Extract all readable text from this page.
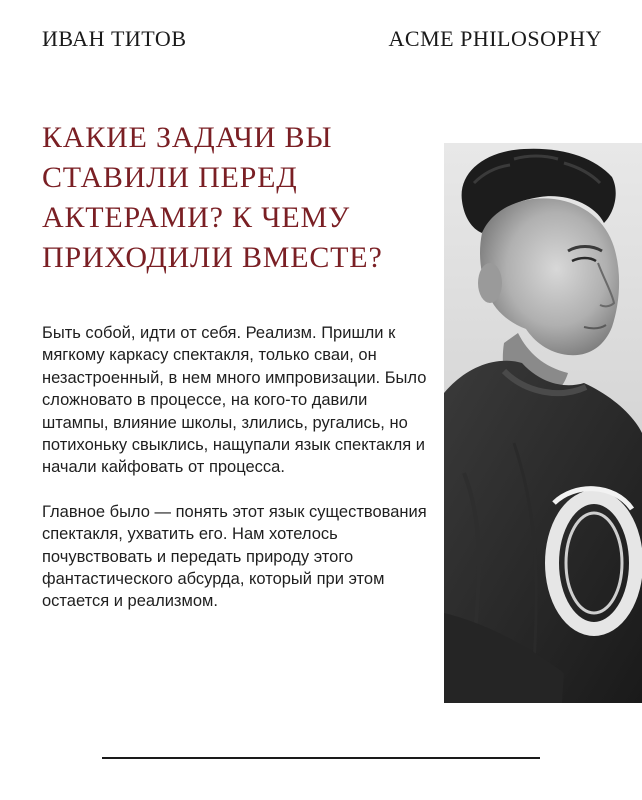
ИВАН ТИТОВ	ACME PHILOSOPHY
КАКИЕ ЗАДАЧИ ВЫ СТАВИЛИ ПЕРЕД АКТЕРАМИ? К ЧЕМУ ПРИХОДИЛИ ВМЕСТЕ?

Быть собой, идти от себя. Реализм. Пришли к мягкому каркасу спектакля, только сваи, он незастроенный, в нем много импровизации. Было сложновато в процессе, на кого-то давили штампы, влияние школы, злились, ругались, но потихоньку свыклись, нащупали язык спектакля и начали кайфовать от процесса.

Главное было — понять этот язык существования спектакля, ухватить его. Нам хотелось почувствовать и передать природу этого фантастического абсурда, который при этом остается и реализмом.
